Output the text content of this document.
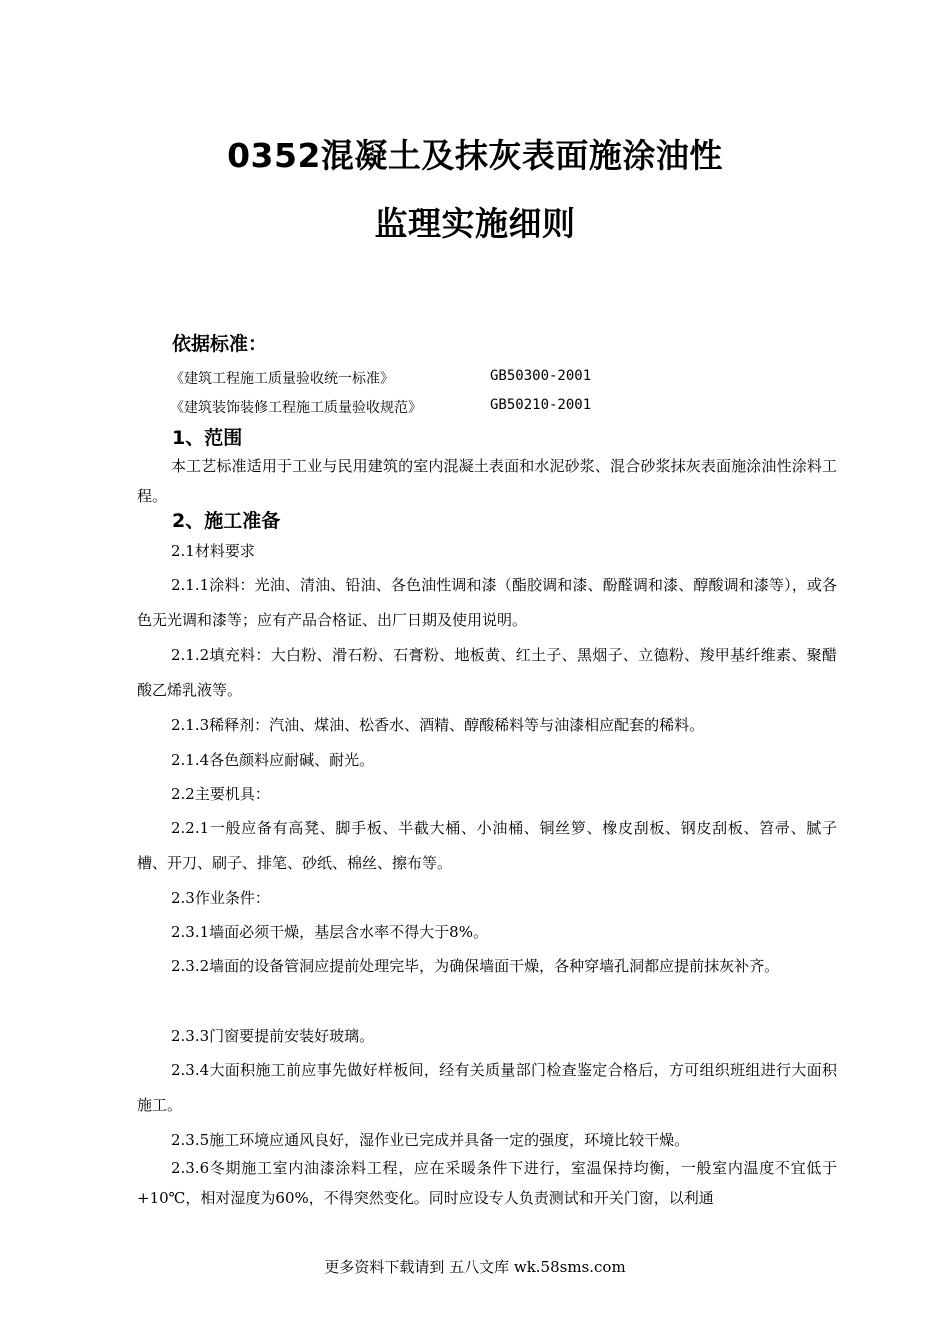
0352混凝土及抹灰表面施涂油性
监理实施细则
依据标准：
《建筑工程施工质量验收统一标准》	GB50300-2001
《建筑装饰装修工程施工质量验收规范》	GB50210-2001
1、范围
本工艺标准适用于工业与民用建筑的室内混凝土表面和水泥砂浆、混合砂浆抹灰表面施涂油性涂料工程。
2、施工准备
2.1材料要求
2.1.1涂料：光油、清油、铅油、各色油性调和漆（酯胶调和漆、酚醛调和漆、醇酸调和漆等），或各色无光调和漆等；应有产品合格证、出厂日期及使用说明。
2.1.2填充料：大白粉、滑石粉、石膏粉、地板黄、红土子、黑烟子、立德粉、羧甲基纤维素、聚醋酸乙烯乳液等。
2.1.3稀释剂：汽油、煤油、松香水、酒精、醇酸稀料等与油漆相应配套的稀料。
2.1.4各色颜料应耐碱、耐光。
2.2主要机具：
2.2.1一般应备有高凳、脚手板、半截大桶、小油桶、铜丝箩、橡皮刮板、钢皮刮板、笤帚、腻子槽、开刀、刷子、排笔、砂纸、棉丝、擦布等。
2.3作业条件：
2.3.1墙面必须干燥，基层含水率不得大于8%。
2.3.2墙面的设备管洞应提前处理完毕，为确保墙面干燥，各种穿墙孔洞都应提前抹灰补齐。
2.3.3门窗要提前安装好玻璃。
2.3.4大面积施工前应事先做好样板间，经有关质量部门检查鉴定合格后，方可组织班组进行大面积施工。
2.3.5施工环境应通风良好，湿作业已完成并具备一定的强度，环境比较干燥。
2.3.6冬期施工室内油漆涂料工程，应在采暖条件下进行，室温保持均衡，一般室内温度不宜低于+10℃，相对湿度为60%，不得突然变化。同时应设专人负责测试和开关门窗，以利通
更多资料下载请到 五八文库 wk.58sms.com
